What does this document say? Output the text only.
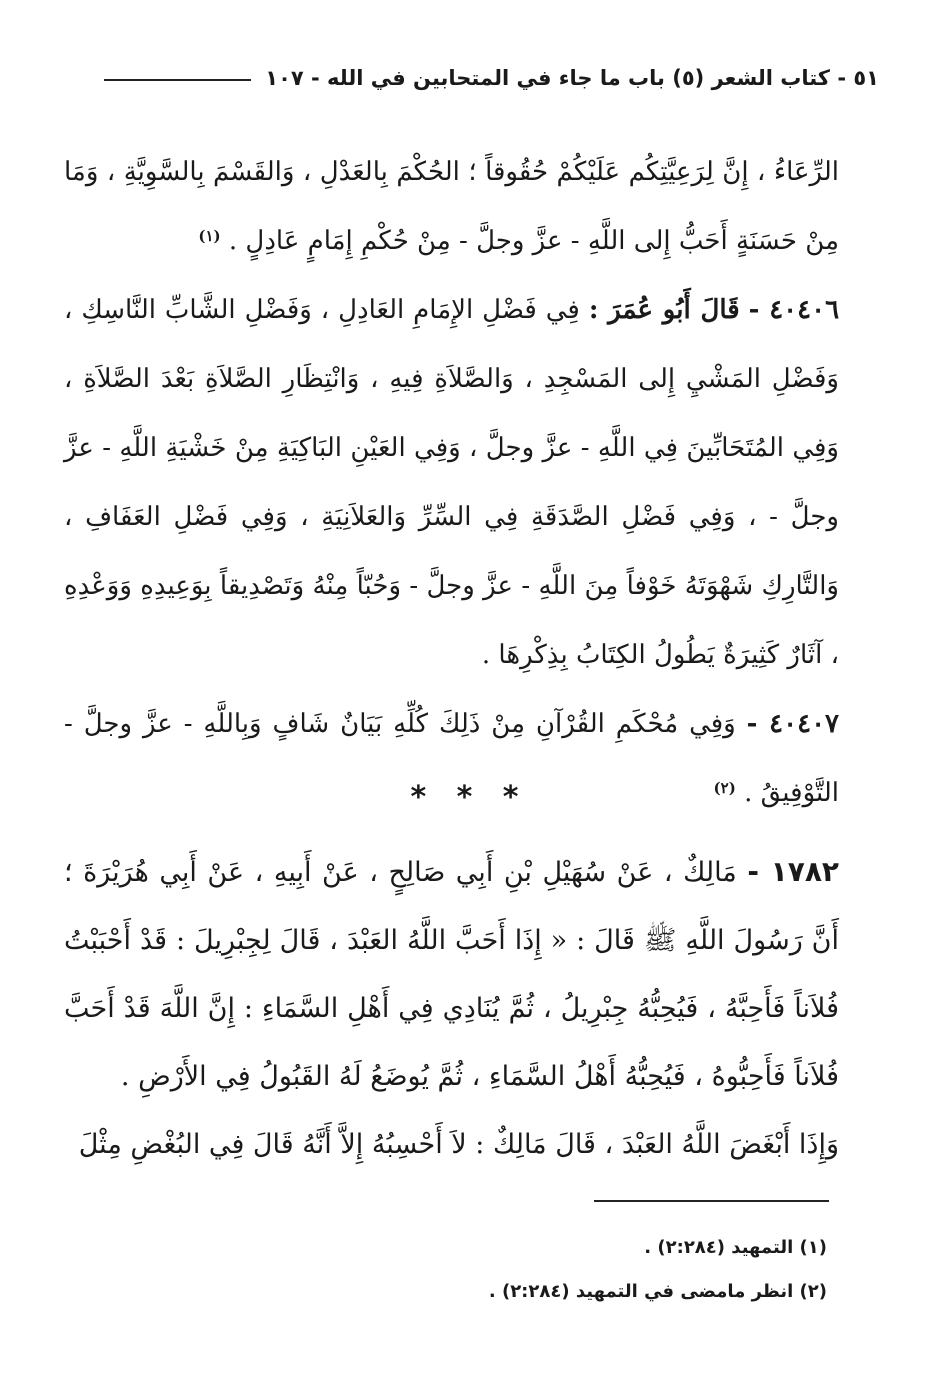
٥١ - كتاب الشعر (٥) باب ما جاء في المتحابين في الله - ١٠٧

الرِّعَاءُ ، إِنَّ لِرَعِيَّتِكُم عَلَيْكُمْ حُقُوقاً ؛ الحُكْمَ بِالعَدْلِ ، وَالقَسْمَ بِالسَّوِيَّةِ ، وَمَا مِنْ حَسَنَةٍ أَحَبُّ إِلى اللَّهِ - عزَّ وجلَّ - مِنْ حُكْمِ إِمَامٍ عَادِلٍ . $^{(١)}$

٤٠٤٠٦ - قَالَ أَبُو عُمَرَ : فِي فَضْلِ الإِمَامِ العَادِلِ ، وَفَضْلِ الشَّابِّ النَّاسِكِ ، وَفَضْلِ المَشْيِ إِلى المَسْجِدِ ، وَالصَّلاَةِ فِيهِ ، وَانْتِظَارِ الصَّلاَةِ بَعْدَ الصَّلاَةِ ، وَفِي المُتَحَابِّينَ فِي اللَّهِ - عزَّ وجلَّ ، وَفِي العَيْنِ البَاكِيَةِ مِنْ خَشْيَةِ اللَّهِ - عزَّ وجلَّ - ، وَفِي فَضْلِ الصَّدَقَةِ فِي السِّرِّ وَالعَلاَنِيَةِ ، وَفِي فَضْلِ العَفَافِ ، وَالتَّارِكِ شَهْوَتَهُ خَوْفاً مِنَ اللَّهِ - عزَّ وجلَّ - وَحُبّاً مِنْهُ وَتَصْدِيقاً بِوَعِيدِهِ وَوَعْدِهِ ، آثَارٌ كَثِيرَةٌ يَطُولُ الكِتَابُ بِذِكْرِهَا .

٤٠٤٠٧ - وَفِي مُحْكَمِ القُرْآنِ مِنْ ذَلِكَ كُلِّهِ بَيَانٌ شَافٍ وَبِاللَّهِ - عزَّ وجلَّ - التَّوْفِيقُ . $^{(٢)}$

* * *

١٧٨٢ - مَالِكٌ ، عَنْ سُهَيْلِ بْنِ أَبِي صَالِحٍ ، عَنْ أَبِيهِ ، عَنْ أَبِي هُرَيْرَةَ ؛ أَنَّ رَسُولَ اللَّهِ ﷺ قَالَ : « إِذَا أَحَبَّ اللَّهُ العَبْدَ ، قَالَ لِجِبْرِيلَ : قَدْ أَحْبَبْتُ فُلاَناً فَأَحِبَّهُ ، فَيُحِبُّهُ جِبْرِيلُ ، ثُمَّ يُنَادِي فِي أَهْلِ السَّمَاءِ : إِنَّ اللَّهَ قَدْ أَحَبَّ فُلاَناً فَأَحِبُّوهُ ، فَيُحِبُّهُ أَهْلُ السَّمَاءِ ، ثُمَّ يُوضَعُ لَهُ القَبُولُ فِي الأَرْضِ .

وَإِذَا أَبْغَضَ اللَّهُ العَبْدَ ، قَالَ مَالِكٌ : لاَ أَحْسِبُهُ إِلاَّ أَنَّهُ قَالَ فِي البُغْضِ مِثْلَ

(١) التمهيد (٢:٢٨٤) .
(٢) انظر مامضى في التمهيد (٢:٢٨٤) .
